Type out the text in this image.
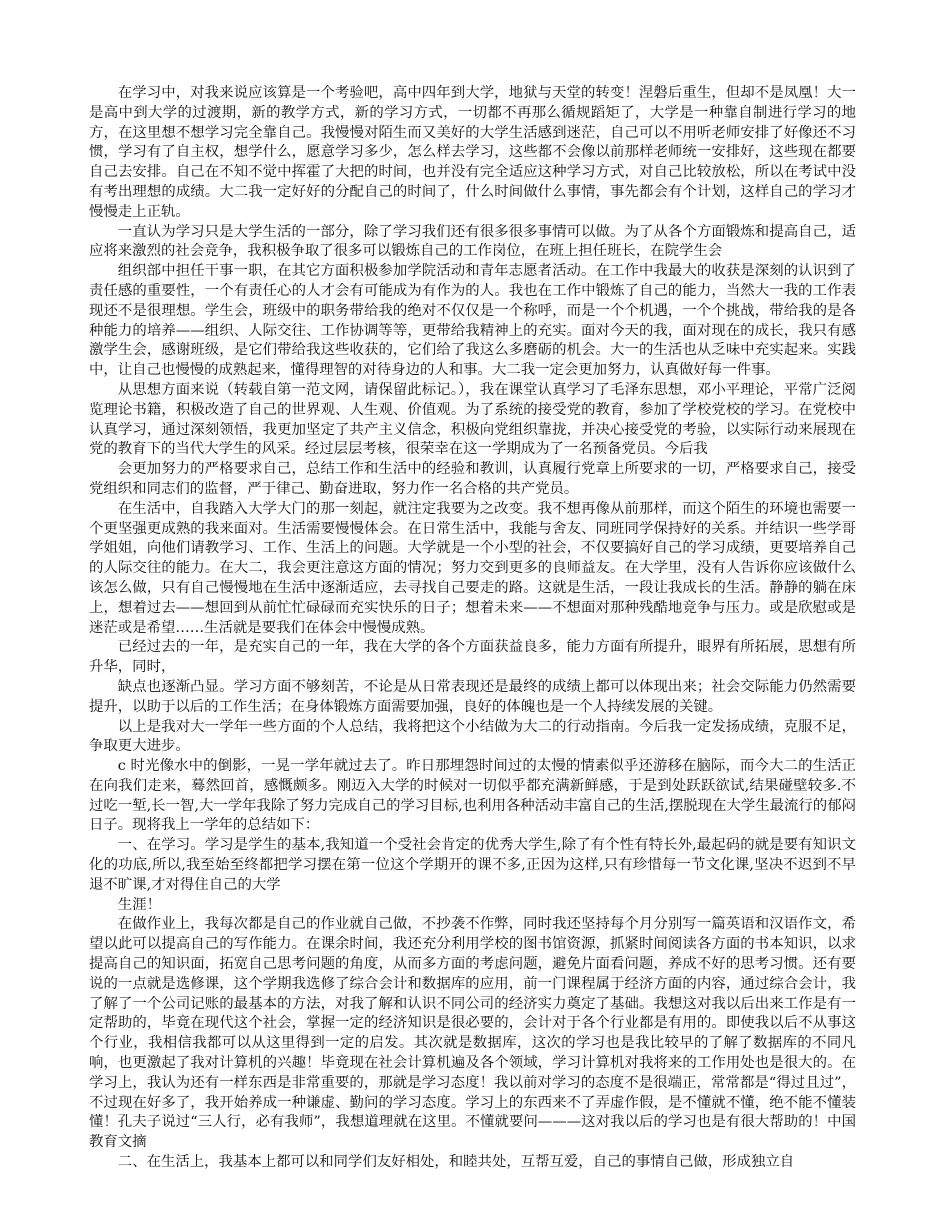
在学习中，对我来说应该算是一个考验吧，高中四年到大学，地狱与天堂的转变！涅磐后重生，但却不是凤凰！大一是高中到大学的过渡期，新的教学方式，新的学习方式，一切都不再那么循规蹈矩了，大学是一种靠自制进行学习的地方，在这里想不想学习完全靠自己。我慢慢对陌生而又美好的大学生活感到迷茫，自己可以不用听老师安排了好像还不习惯，学习有了自主权，想学什么，愿意学习多少，怎么样去学习，这些都不会像以前那样老师统一安排好，这些现在都要自己去安排。自己在不知不觉中挥霍了大把的时间，也并没有完全适应这种学习方式，对自己比较放松，所以在考试中没有考出理想的成绩。大二我一定好好的分配自己的时间了，什么时间做什么事情，事先都会有个计划，这样自己的学习才慢慢走上正轨。

一直认为学习只是大学生活的一部分，除了学习我们还有很多很多事情可以做。为了从各个方面锻炼和提高自己，适应将来激烈的社会竞争，我积极争取了很多可以锻炼自己的工作岗位，在班上担任班长，在院学生会

组织部中担任干事一职，在其它方面积极参加学院活动和青年志愿者活动。在工作中我最大的收获是深刻的认识到了责任感的重要性，一个有责任心的人才会有可能成为有作为的人。我也在工作中锻炼了自己的能力，当然大一我的工作表现还不是很理想。学生会，班级中的职务带给我的绝对不仅仅是一个称呼，而是一个个机遇，一个个挑战，带给我的是各种能力的培养——组织、人际交往、工作协调等等，更带给我精神上的充实。面对今天的我，面对现在的成长，我只有感激学生会，感谢班级，是它们带给我这些收获的，它们给了我这么多磨砺的机会。大一的生活也从乏味中充实起来。实践中，让自己也慢慢的成熟起来，懂得理智的对待身边的人和事。大二我一定会更加努力，认真做好每一件事。

从思想方面来说（转载自第一范文网，请保留此标记。），我在课堂认真学习了毛泽东思想，邓小平理论，平常广泛阅览理论书籍，积极改造了自己的世界观、人生观、价值观。为了系统的接受党的教育，参加了学校党校的学习。在党校中认真学习，通过深刻领悟，我更加坚定了共产主义信念，积极向党组织靠拢，并决心接受党的考验，以实际行动来展现在党的教育下的当代大学生的风采。经过层层考核，很荣幸在这一学期成为了一名预备党员。今后我

会更加努力的严格要求自己，总结工作和生活中的经验和教训，认真履行党章上所要求的一切，严格要求自己，接受党组织和同志们的监督，严于律己、勤奋进取，努力作一名合格的共产党员。

在生活中，自我踏入大学大门的那一刻起，就注定我要为之改变。我不想再像从前那样，而这个陌生的环境也需要一个更坚强更成熟的我来面对。生活需要慢慢体会。在日常生活中，我能与舍友、同班同学保持好的关系。并结识一些学哥学姐姐，向他们请教学习、工作、生活上的问题。大学就是一个小型的社会，不仅要搞好自己的学习成绩，更要培养自己的人际交往的能力。在大二，我会更注意这方面的情况；努力交到更多的良师益友。在大学里，没有人告诉你应该做什么该怎么做，只有自己慢慢地在生活中逐渐适应，去寻找自己要走的路。这就是生活，一段让我成长的生活。静静的躺在床上，想着过去——想回到从前忙忙碌碌而充实快乐的日子；想着未来——不想面对那种残酷地竞争与压力。或是欣慰或是迷茫或是希望……生活就是要我们在体会中慢慢成熟。

已经过去的一年，是充实自己的一年，我在大学的各个方面获益良多，能力方面有所提升，眼界有所拓展，思想有所升华，同时，

缺点也逐渐凸显。学习方面不够刻苦，不论是从日常表现还是最终的成绩上都可以体现出来；社会交际能力仍然需要提升，以助于以后的工作生活；在身体锻炼方面需要加强，良好的体魄也是一个人持续发展的关键。

以上是我对大一学年一些方面的个人总结，我将把这个小结做为大二的行动指南。今后我一定发扬成绩，克服不足，争取更大进步。

c 时光像水中的倒影，一晃一学年就过去了。昨日那埋怨时间过的太慢的情素似乎还游移在脑际，而今大二的生活正在向我们走来，蓦然回首，感慨颇多。刚迈入大学的时候对一切似乎都充满新鲜感，于是到处跃跃欲试,结果碰壁较多.不过吃一堑,长一智,大一学年我除了努力完成自己的学习目标,也利用各种活动丰富自己的生活,摆脱现在大学生最流行的郁闷日子。现将我上一学年的总结如下：

一、在学习。学习是学生的基本,我知道一个受社会肯定的优秀大学生,除了有个性有特长外,最起码的就是要有知识文化的功底,所以,我至始至终都把学习摆在第一位这个学期开的课不多,正因为这样,只有珍惜每一节文化课,坚决不迟到不早退不旷课,才对得住自己的大学

生涯！

在做作业上，我每次都是自己的作业就自己做，不抄袭不作弊，同时我还坚持每个月分别写一篇英语和汉语作文，希望以此可以提高自己的写作能力。在课余时间，我还充分利用学校的图书馆资源，抓紧时间阅读各方面的书本知识，以求提高自己的知识面，拓宽自己思考问题的角度，从而多方面的考虑问题，避免片面看问题，养成不好的思考习惯。还有要说的一点就是选修课，这个学期我选修了综合会计和数据库的应用，前一门课程属于经济方面的内容，通过综合会计，我了解了一个公司记账的最基本的方法，对我了解和认识不同公司的经济实力奠定了基础。我想这对我以后出来工作是有一定帮助的，毕竟在现代这个社会，掌握一定的经济知识是很必要的，会计对于各个行业都是有用的。即使我以后不从事这个行业，我相信我都可以从这里得到一定的启发。其次就是数据库，这次的学习也是我比较早的了解了数据库的不同凡响，也更激起了我对计算机的兴趣！毕竟现在社会计算机遍及各个领域，学习计算机对我将来的工作用处也是很大的。在学习上，我认为还有一样东西是非常重要的，那就是学习态度！我以前对学习的态度不是很端正，常常都是“得过且过”，不过现在好多了，我开始养成一种谦虚、勤问的学习态度。学习上的东西来不了弄虚作假，是不懂就不懂，绝不能不懂装懂！孔夫子说过“三人行，必有我师”，我想道理就在这里。不懂就要问———这对我以后的学习也是有很大帮助的！中国教育文摘

二、在生活上，我基本上都可以和同学们友好相处，和睦共处，互帮互爱，自己的事情自己做，形成独立自
